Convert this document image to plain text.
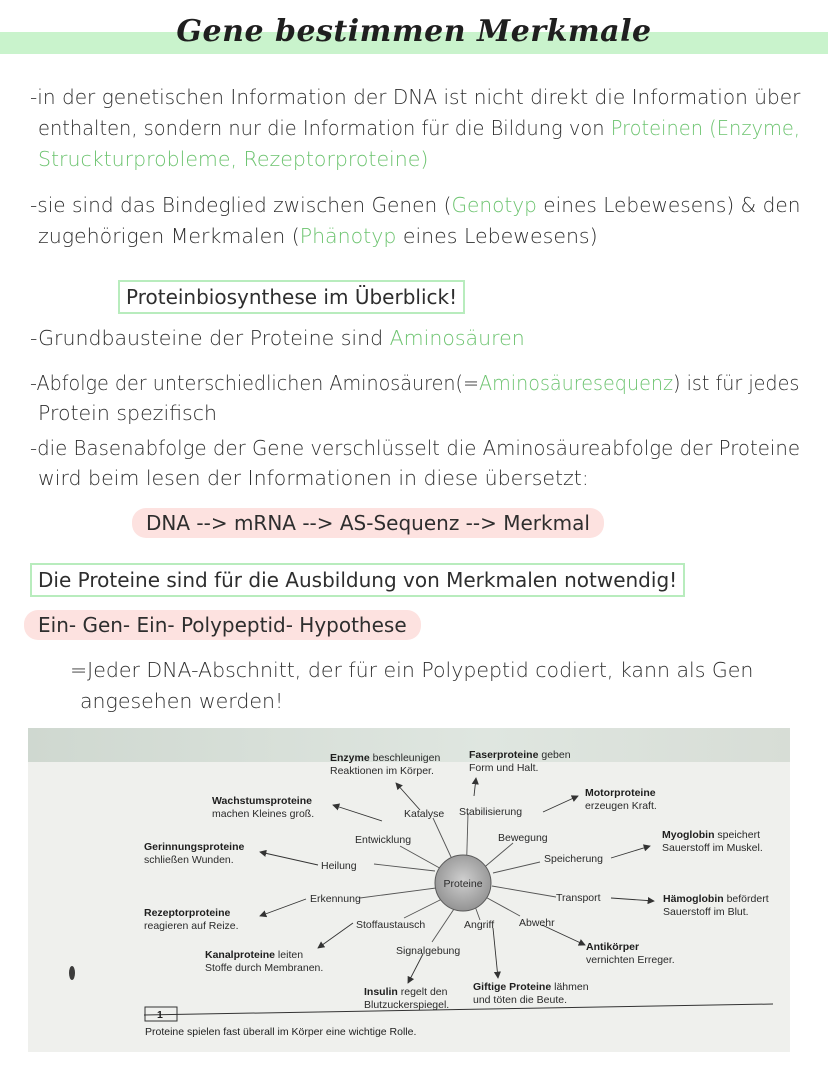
Gene bestimmen Merkmale
-in der genetischen Information der DNA ist nicht direkt die Information über
enthalten, sondern nur die Information für die Bildung von Proteinen (Enzyme,
Struckturprobleme, Rezeptorproteine)
-sie sind das Bindeglied zwischen Genen (Genotyp eines Lebewesens) & den
zugehörigen Merkmalen (Phänotyp eines Lebewesens)
Proteinbiosynthese im Überblick!
-Grundbausteine der Proteine sind Aminosäuren
-Abfolge der unterschiedlichen Aminosäuren(=Aminosäuresequenz) ist für jedes
Protein spezifisch
-die Basenabfolge der Gene verschlüsselt die Aminosäureabfolge der Proteine
wird beim lesen der Informationen in diese übersetzt:
DNA --> mRNA --> AS-Sequenz --> Merkmal
Die Proteine sind für die Ausbildung von Merkmalen notwendig!
Ein- Gen- Ein- Polypeptid- Hypothese
=Jeder DNA-Abschnitt, der für ein Polypeptid codiert, kann als Gen
angesehen werden!
Proteine
Katalyse Stabilisierung
Entwicklung	Bewegung
Heilung
Speicherung
Erkennung	Transport
Stoffaustausch	Angriff Abwehr
Signalgebung
Enzyme beschleunigen
Reaktionen im Körper.
Faserproteine geben
Form und Halt.
Wachstumsproteine
machen Kleines groß.
Motorproteine
erzeugen Kraft.
Gerinnungsproteine
schließen Wunden.
Myoglobin speichert
Sauerstoff im Muskel.
Rezeptorproteine
reagieren auf Reize.
Hämoglobin befördert
Sauerstoff im Blut.
Kanalproteine leiten
Stoffe durch Membranen.
Antikörper
vernichten Erreger.
Insulin regelt den
Blutzuckerspiegel.
Giftige Proteine lähmen
und töten die Beute.
1
Proteine spielen fast überall im Körper eine wichtige Rolle.
